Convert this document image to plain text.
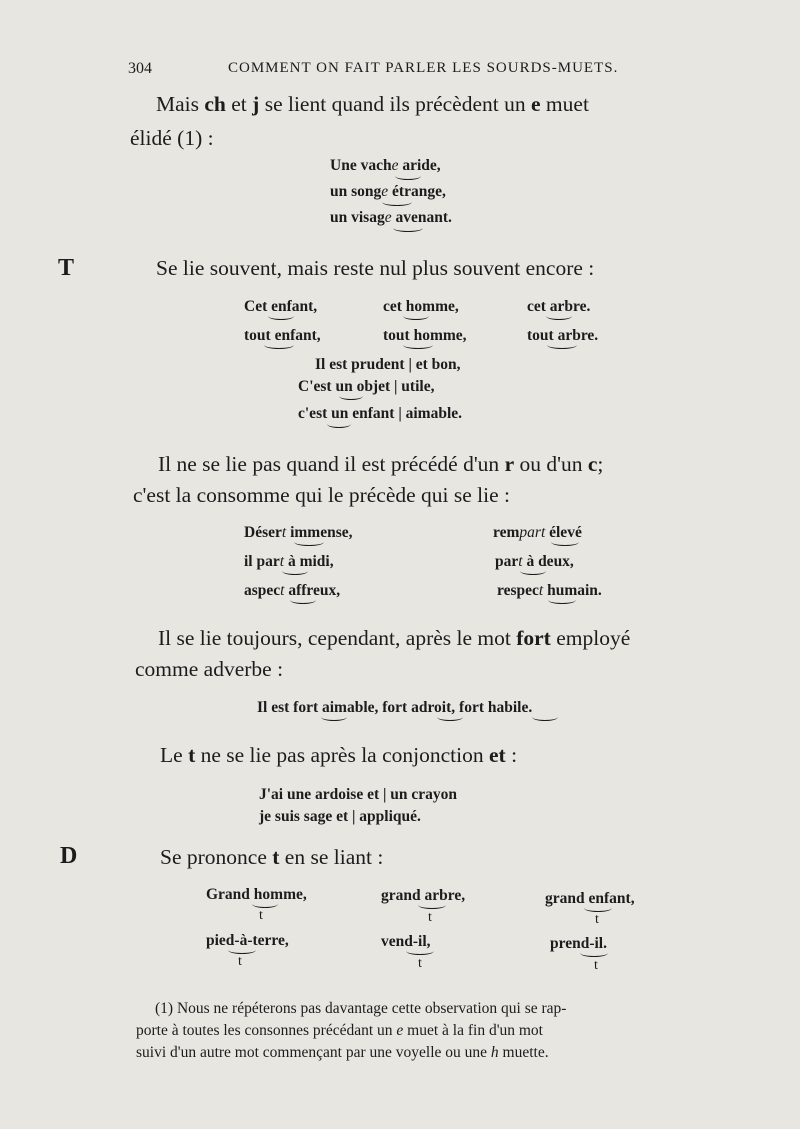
304	COMMENT ON FAIT PARLER LES SOURDS-MUETS.
Mais ch et j se lient quand ils précèdent un e muet
élidé (1) :
Une vache aride,
un songe étrange,
un visage avenant.
T	Se lie souvent, mais reste nul plus souvent encore :
Cet enfant,	cet homme,	cet arbre.
tout enfant,	tout homme,	tout arbre.
Il est prudent | et bon,
C'est un objet | utile,
c'est un enfant | aimable.
Il ne se lie pas quand il est précédé d'un r ou d'un c;
c'est la consomme qui le précède qui se lie :
Désert immense,	rempart élevé
il part à midi,	part à deux,
aspect affreux,	respect humain.
Il se lie toujours, cependant, après le mot fort employé
comme adverbe :
Il est fort aimable, fort adroit, fort habile.
Le t ne se lie pas après la conjonction et :
J'ai une ardoise et | un crayon
je suis sage et | appliqué.
D	Se prononce t en se liant :
Grand homme,	grand arbre,	grand enfant,
t	t	t
pied-à-terre,	vend-il,	prend-il.
t	t	t
(1) Nous ne répéterons pas davantage cette observation qui se rap-
porte à toutes les consonnes précédant un e muet à la fin d'un mot
suivi d'un autre mot commençant par une voyelle ou une h muette.
